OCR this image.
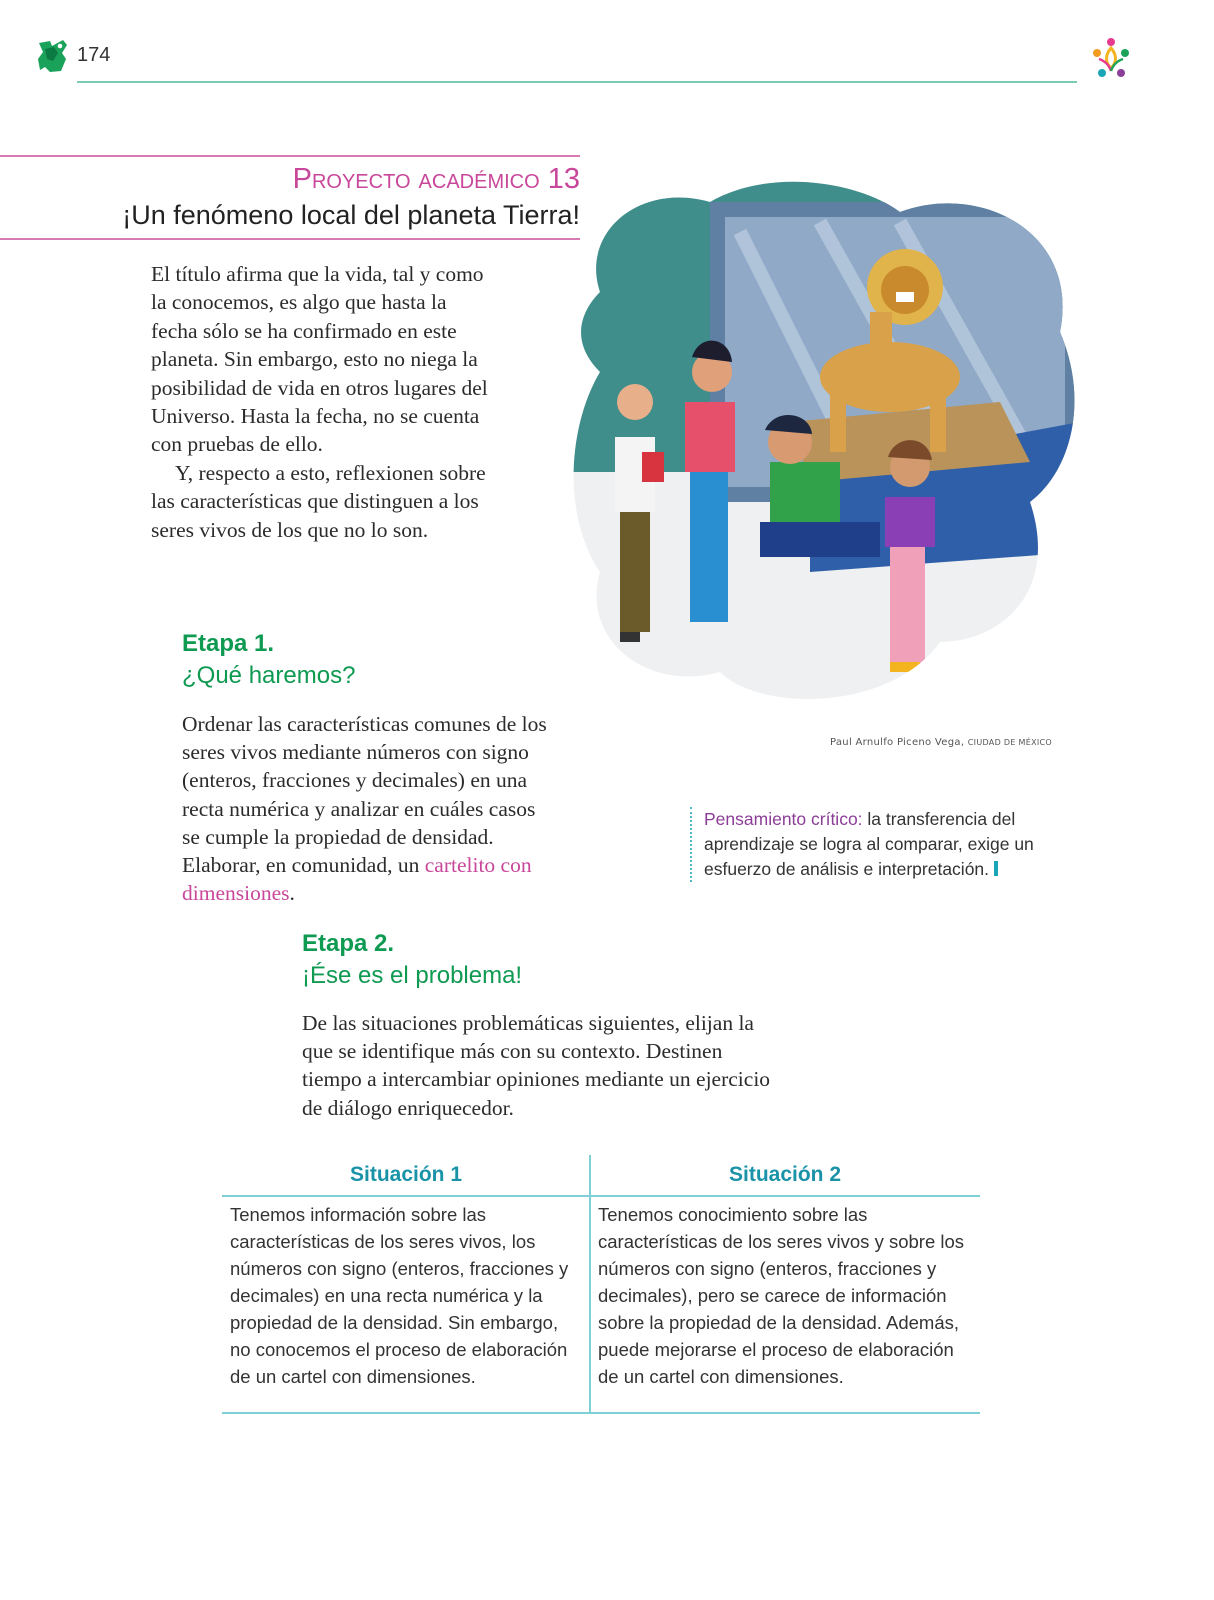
174
Proyecto académico 13
¡Un fenómeno local del planeta Tierra!

El título afirma que la vida, tal y como la conocemos, es algo que hasta la fecha sólo se ha confirmado en este planeta. Sin embargo, esto no niega la posibilidad de vida en otros lugares del Universo. Hasta la fecha, no se cuenta con pruebas de ello.

Y, respecto a esto, reflexionen sobre las características que distinguen a los seres vivos de los que no lo son.

Etapa 1.
¿Qué haremos?
Ordenar las características comunes de los seres vivos mediante números con signo (enteros, fracciones y decimales) en una recta numérica y analizar en cuáles casos se cumple la propiedad de densidad. Elaborar, en comunidad, un cartelito con dimensiones.
Paul Arnulfo Piceno Vega, CIUDAD DE MÉXICO
Pensamiento crítico: la transferencia del aprendizaje se logra al comparar, exige un esfuerzo de análisis e interpretación.
Etapa 2.
¡Ése es el problema!
De las situaciones problemáticas siguientes, elijan la que se identifique más con su contexto. Destinen tiempo a intercambiar opiniones mediante un ejercicio de diálogo enriquecedor.
Situación 1
Tenemos información sobre las características de los seres vivos, los números con signo (enteros, fracciones y decimales) en una recta numérica y la propiedad de la densidad. Sin embargo, no conocemos el proceso de elaboración de un cartel con dimensiones.
Situación 2
Tenemos conocimiento sobre las características de los seres vivos y sobre los números con signo (enteros, fracciones y decimales), pero se carece de información sobre la propiedad de la densidad. Además, puede mejorarse el proceso de elaboración de un cartel con dimensiones.
